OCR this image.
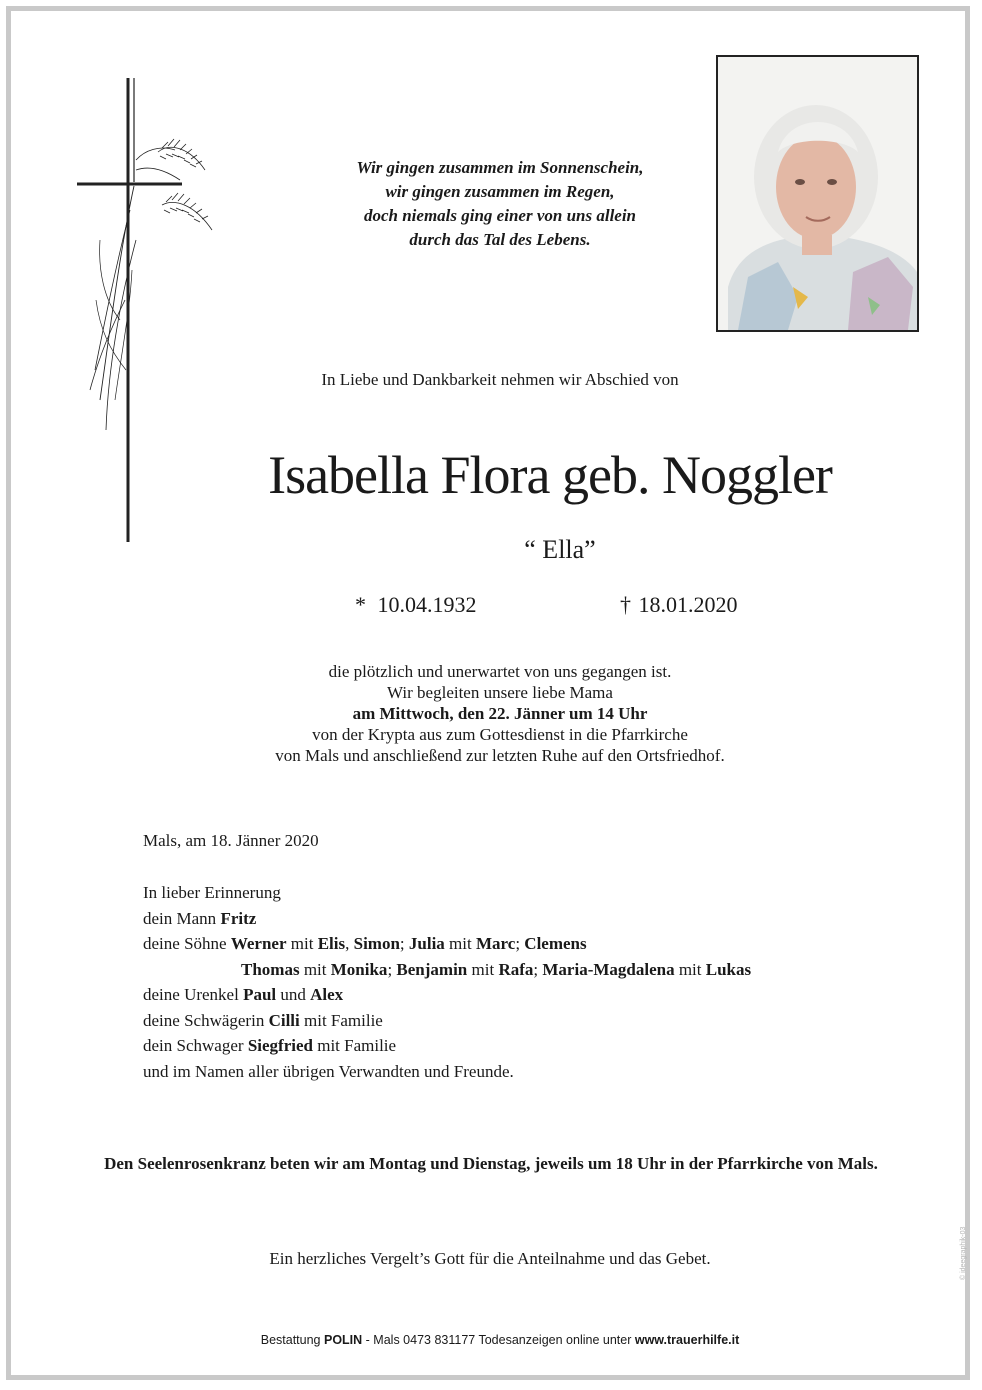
Wir gingen zusammen im Sonnenschein,
wir gingen zusammen im Regen,
doch niemals ging einer von uns allein
durch das Tal des Lebens.
In Liebe und Dankbarkeit nehmen wir Abschied von
Isabella Flora geb. Noggler
“ Ella”
* 10.04.1932	† 18.01.2020
die plötzlich und unerwartet von uns gegangen ist.
Wir begleiten unsere liebe Mama
am Mittwoch, den 22. Jänner um 14 Uhr
von der Krypta aus zum Gottesdienst in die Pfarrkirche
von Mals und anschließend zur letzten Ruhe auf den Ortsfriedhof.
Mals, am 18. Jänner 2020
In lieber Erinnerung
dein Mann Fritz
deine Söhne Werner mit Elis, Simon; Julia mit Marc; Clemens
Thomas mit Monika; Benjamin mit Rafa; Maria-Magdalena mit Lukas
deine Urenkel Paul und Alex
deine Schwägerin Cilli mit Familie
dein Schwager Siegfried mit Familie
und im Namen aller übrigen Verwandten und Freunde.
Den Seelenrosenkranz beten wir am Montag und Dienstag, jeweils um 18 Uhr in der Pfarrkirche von Mals.
Ein herzliches Vergelt’s Gott für die Anteilnahme und das Gebet.
Bestattung POLIN - Mals 0473 831177 Todesanzeigen online unter www.trauerhilfe.it
© ideegraphik-03
